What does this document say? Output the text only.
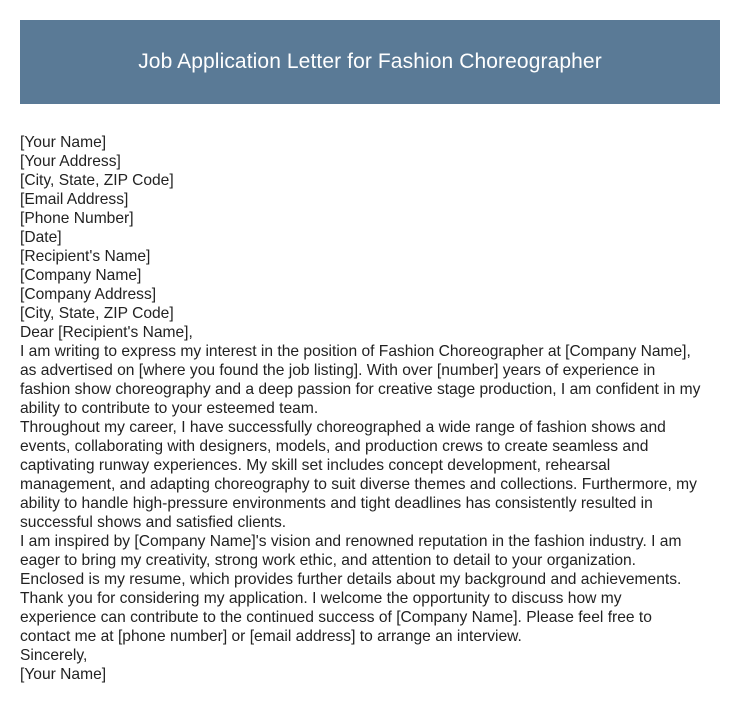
Job Application Letter for Fashion Choreographer
[Your Name]
[Your Address]
[City, State, ZIP Code]
[Email Address]
[Phone Number]
[Date]
[Recipient's Name]
[Company Name]
[Company Address]
[City, State, ZIP Code]
Dear [Recipient's Name],
I am writing to express my interest in the position of Fashion Choreographer at [Company Name],
as advertised on [where you found the job listing]. With over [number] years of experience in
fashion show choreography and a deep passion for creative stage production, I am confident in my
ability to contribute to your esteemed team.
Throughout my career, I have successfully choreographed a wide range of fashion shows and
events, collaborating with designers, models, and production crews to create seamless and
captivating runway experiences. My skill set includes concept development, rehearsal
management, and adapting choreography to suit diverse themes and collections. Furthermore, my
ability to handle high-pressure environments and tight deadlines has consistently resulted in
successful shows and satisfied clients.
I am inspired by [Company Name]'s vision and renowned reputation in the fashion industry. I am
eager to bring my creativity, strong work ethic, and attention to detail to your organization.
Enclosed is my resume, which provides further details about my background and achievements.
Thank you for considering my application. I welcome the opportunity to discuss how my
experience can contribute to the continued success of [Company Name]. Please feel free to
contact me at [phone number] or [email address] to arrange an interview.
Sincerely,
[Your Name]
